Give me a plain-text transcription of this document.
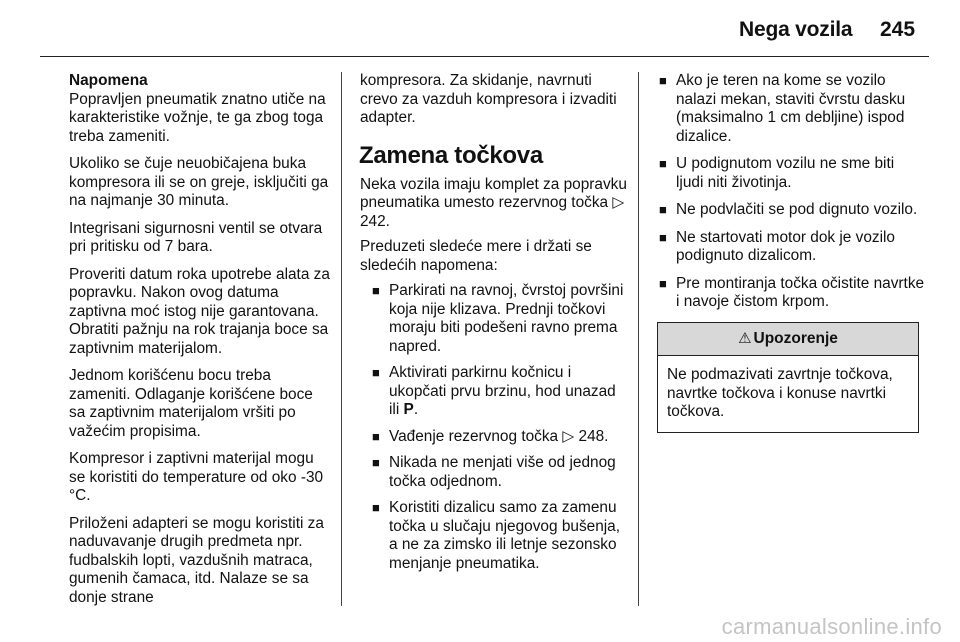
Nega vozila 245
Napomena

Popravljen pneumatik znatno utiče na karakteristike vožnje, te ga zbog toga treba zameniti.

Ukoliko se čuje neuobičajena buka kompresora ili se on greje, isključiti ga na najmanje 30 minuta.

Integrisani sigurnosni ventil se otvara pri pritisku od 7 bara.

Proveriti datum roka upotrebe alata za popravku. Nakon ovog datuma zaptivna moć istog nije garantovana. Obratiti pažnju na rok trajanja boce sa zaptivnim materijalom.

Jednom korišćenu bocu treba zameniti. Odlaganje korišćene boce sa zaptivnim materijalom vršiti po važećim propisima.

Kompresor i zaptivni materijal mogu se koristiti do temperature od oko -30 °C.

Priloženi adapteri se mogu koristiti za naduvavanje drugih predmeta npr. fudbalskih lopti, vazdušnih matraca, gumenih čamaca, itd. Nalaze se sa donje strane

kompresora. Za skidanje, navrnuti crevo za vazduh kompresora i izvaditi adapter.

Zamena točkova

Neka vozila imaju komplet za popravku pneumatika umesto rezervnog točka ▷ 242.

Preduzeti sledeće mere i držati se sledećih napomena:

■ Parkirati na ravnoj, čvrstoj površini koja nije klizava. Prednji točkovi moraju biti podešeni ravno prema napred.
■ Aktivirati parkirnu kočnicu i ukopčati prvu brzinu, hod unazad ili P.
■ Vađenje rezervnog točka ▷ 248.
■ Nikada ne menjati više od jednog točka odjednom.
■ Koristiti dizalicu samo za zamenu točka u slučaju njegovog bušenja, a ne za zimsko ili letnje sezonsko menjanje pneumatika.
■ Ako je teren na kome se vozilo nalazi mekan, staviti čvrstu dasku (maksimalno 1 cm debljine) ispod dizalice.
■ U podignutom vozilu ne sme biti ljudi niti životinja.
■ Ne podvlačiti se pod dignuto vozilo.
■ Ne startovati motor dok je vozilo podignuto dizalicom.
■ Pre montiranja točka očistite navrtke i navoje čistom krpom.
⚠ Upozorenje
Ne podmazivati zavrtnje točkova, navrtke točkova i konuse navrtki točkova.
carmanualsonline.info
